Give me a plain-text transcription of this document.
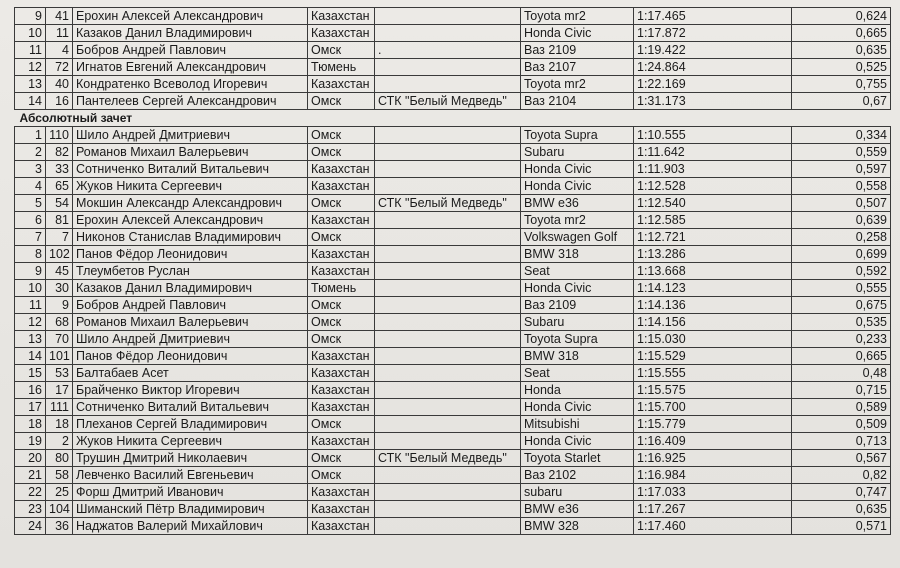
9	41	Ерохин Алексей Александрович	Казахстан		Toyota mr2	1:17.465	0,624
10	11	Казаков Данил Владимирович	Казахстан		Honda Civic	1:17.872	0,665
11	4	Бобров Андрей Павлович	Омск	.	Ваз 2109	1:19.422	0,635
12	72	Игнатов Евгений Александрович	Тюмень		Ваз 2107	1:24.864	0,525
13	40	Кондратенко Всеволод Игоревич	Казахстан		Toyota mr2	1:22.169	0,755
14	16	Пантелеев Сергей Александрович	Омск	СТК "Белый Медведь"	Ваз 2104	1:31.173	0,67
Абсолютный зачет							
1	110	Шило Андрей Дмитриевич	Омск		Toyota Supra	1:10.555	0,334
2	82	Романов Михаил Валерьевич	Омск		Subaru	1:11.642	0,559
3	33	Сотниченко Виталий Витальевич	Казахстан		Honda Civic	1:11.903	0,597
4	65	Жуков Никита Сергеевич	Казахстан		Honda Civic	1:12.528	0,558
5	54	Мокшин Александр Александрович	Омск	СТК "Белый Медведь"	BMW e36	1:12.540	0,507
6	81	Ерохин Алексей Александрович	Казахстан		Toyota mr2	1:12.585	0,639
7	7	Никонов Станислав Владимирович	Омск		Volkswagen Golf	1:12.721	0,258
8	102	Панов Фёдор Леонидович	Казахстан		BMW 318	1:13.286	0,699
9	45	Тлеумбетов Руслан	Казахстан		Seat	1:13.668	0,592
10	30	Казаков Данил Владимирович	Тюмень		Honda Civic	1:14.123	0,555
11	9	Бобров Андрей Павлович	Омск		Ваз 2109	1:14.136	0,675
12	68	Романов Михаил Валерьевич	Омск		Subaru	1:14.156	0,535
13	70	Шило Андрей Дмитриевич	Омск		Toyota Supra	1:15.030	0,233
14	101	Панов Фёдор Леонидович	Казахстан		BMW 318	1:15.529	0,665
15	53	Балтабаев Асет	Казахстан		Seat	1:15.555	0,48
16	17	Брайченко Виктор Игоревич	Казахстан		Honda	1:15.575	0,715
17	111	Сотниченко Виталий Витальевич	Казахстан		Honda Civic	1:15.700	0,589
18	18	Плеханов Сергей Владимирович	Омск		Mitsubishi	1:15.779	0,509
19	2	Жуков Никита Сергеевич	Казахстан		Honda Civic	1:16.409	0,713
20	80	Трушин Дмитрий Николаевич	Омск	СТК "Белый Медведь"	Toyota Starlet	1:16.925	0,567
21	58	Левченко Василий Евгеньевич	Омск		Ваз 2102	1:16.984	0,82
22	25	Форш Дмитрий Иванович	Казахстан		subaru	1:17.033	0,747
23	104	Шиманский Пётр Владимирович	Казахстан		BMW e36	1:17.267	0,635
24	36	Наджатов Валерий Михайлович	Казахстан		BMW 328	1:17.460	0,571
